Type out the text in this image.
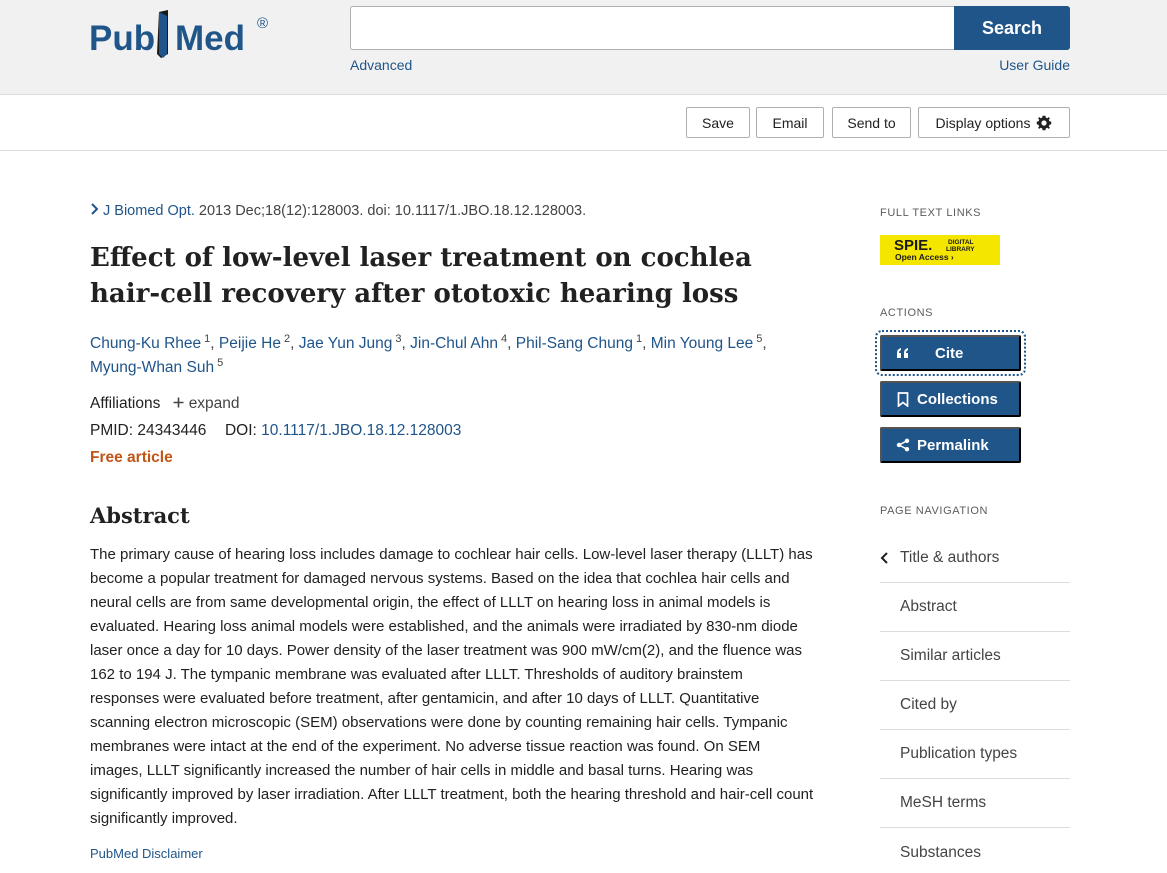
Pub Med ®	Search
Advanced	User Guide
Save	Email	Send to	Display options
J Biomed Opt. 2013 Dec;18(12):128003. doi: 10.1117/1.JBO.18.12.128003.
Effect of low-level laser treatment on cochlea hair-cell recovery after ototoxic hearing loss
Chung-Ku Rhee $^1$, Peijie He $^2$, Jae Yun Jung $^3$, Jin-Chul Ahn $^4$, Phil-Sang Chung $^1$, Min Young Lee $^5$, Myung-Whan Suh $^5$
Affiliations expand
PMID: 24343446 DOI: 10.1117/1.JBO.18.12.128003
Free article
Abstract

The primary cause of hearing loss includes damage to cochlear hair cells. Low-level laser therapy (LLLT) has become a popular treatment for damaged nervous systems. Based on the idea that cochlea hair cells and neural cells are from same developmental origin, the effect of LLLT on hearing loss in animal models is evaluated. Hearing loss animal models were established, and the animals were irradiated by 830-nm diode laser once a day for 10 days. Power density of the laser treatment was 900 mW/cm(2), and the fluence was 162 to 194 J. The tympanic membrane was evaluated after LLLT. Thresholds of auditory brainstem responses were evaluated before treatment, after gentamicin, and after 10 days of LLLT. Quantitative scanning electron microscopic (SEM) observations were done by counting remaining hair cells. Tympanic membranes were intact at the end of the experiment. No adverse tissue reaction was found. On SEM images, LLLT significantly increased the number of hair cells in middle and basal turns. Hearing was significantly improved by laser irradiation. After LLLT treatment, both the hearing threshold and hair-cell count significantly improved.

PubMed Disclaimer
FULL TEXT LINKS
SPIE. DIGITAL
LIBRARY
Open Access ›
ACTIONS
Cite
Collections
Permalink
PAGE NAVIGATION
Title & authors
Abstract
Similar articles
Cited by
Publication types
MeSH terms
Substances
